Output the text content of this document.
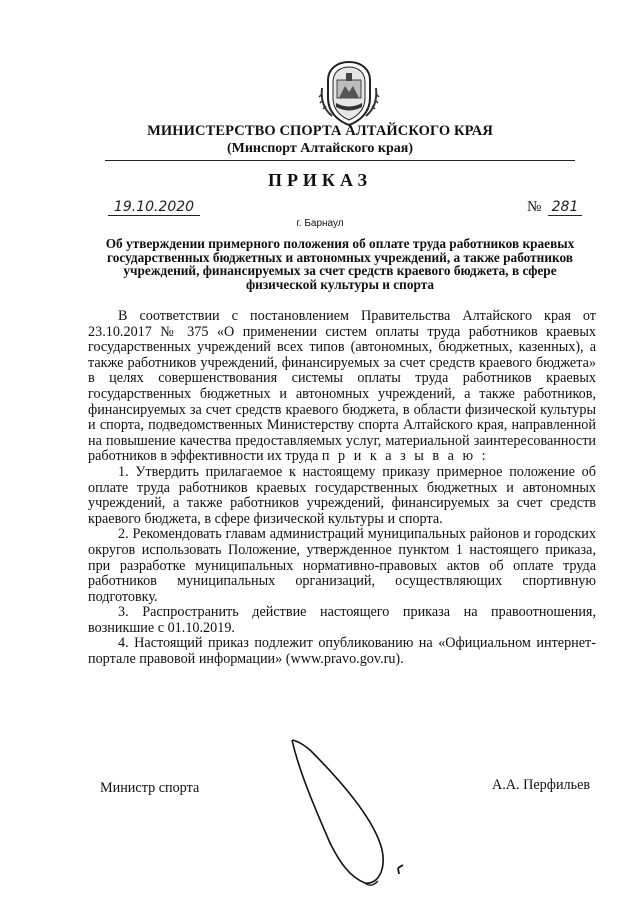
МИНИСТЕРСТВО СПОРТА АЛТАЙСКОГО КРАЯ
(Минспорт Алтайского края)
ПРИКАЗ
19.10.2020	№ 281
г. Барнаул
Об утверждении примерного положения об оплате труда работников краевых государственных бюджетных и автономных учреждений, а также работников учреждений, финансируемых за счет средств краевого бюджета, в сфере физической культуры и спорта

В соответствии с постановлением Правительства Алтайского края от 23.10.2017 № 375 «О применении систем оплаты труда работников краевых государственных учреждений всех типов (автономных, бюджетных, казенных), а также работников учреждений, финансируемых за счет средств краевого бюджета» в целях совершенствования системы оплаты труда работников краевых государственных бюджетных и автономных учреждений, а также работников, финансируемых за счет средств краевого бюджета, в области физической культуры и спорта, подведомственных Министерству спорта Алтайского края, направленной на повышение качества предоставляемых услуг, материальной заинтересованности работников в эффективности их труда п р и к а з ы в а ю :

1. Утвердить прилагаемое к настоящему приказу примерное положение об оплате труда работников краевых государственных бюджетных и автономных учреждений, а также работников учреждений, финансируемых за счет средств краевого бюджета, в сфере физической культуры и спорта.

2. Рекомендовать главам администраций муниципальных районов и городских округов использовать Положение, утвержденное пунктом 1 настоящего приказа, при разработке муниципальных нормативно-правовых актов об оплате труда работников муниципальных организаций, осуществляющих спортивную подготовку.

3. Распространить действие настоящего приказа на правоотношения, возникшие с 01.10.2019.

4. Настоящий приказ подлежит опубликованию на «Официальном интернет-портале правовой информации» (www.pravo.gov.ru).

Министр спорта	А.А. Перфильев
